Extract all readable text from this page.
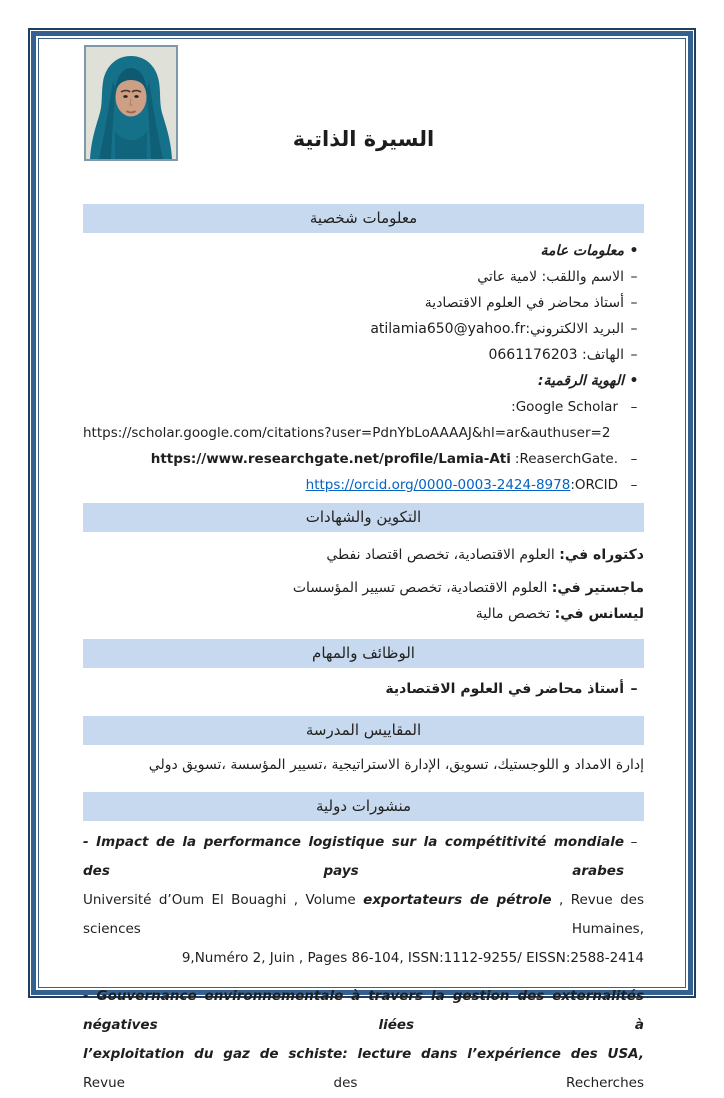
السيرة الذاتية
معلومات شخصية
•
معلومات عامة
–
الاسم واللقب: لامية عاتي
–
أستاذ محاضر في العلوم الاقتصادية
–
البريد الالكتروني:atilamia650@yahoo.fr
–
الهاتف: 0661176203
•
الهوية الرقمية:
:Google Scholar –
https://scholar.google.com/citations?user=PdnYbLoAAAAJ&hl=ar&authuser=2
https://www.researchgate.net/profile/Lamia-Ati :ReaserchGate. –
https://orcid.org/0000-0003-2424-8978 :ORCID –
التكوين والشهادات
دكتوراه في: العلوم الاقتصادية، تخصص اقتصاد نفطي
ماجستير في: العلوم الاقتصادية، تخصص تسيير المؤسسات
ليسانس في: تخصص مالية
الوظائف والمهام
–
أستاذ محاضر في العلوم الاقتصادية
المقاييس المدرسة
إدارة الامداد و اللوجستيك، تسويق، الإدارة الاستراتيجية ،تسيير المؤسسة ،تسويق دولي
منشورات دولية
- Impact de la performance logistique sur la compétitivité mondiale des pays arabes
–
Université d’Oum El Bouaghi , Volume exportateurs de pétrole , Revue des sciences Humaines,
9,Numéro 2, Juin , Pages 86-104, ISSN:1112-9255/ EISSN:2588-2414
- Gouvernance environnementale à travers la gestion des externalités négatives liées à
l’exploitation du gaz de schiste: lecture dans l’expérience des USA, Revue des Recherches
